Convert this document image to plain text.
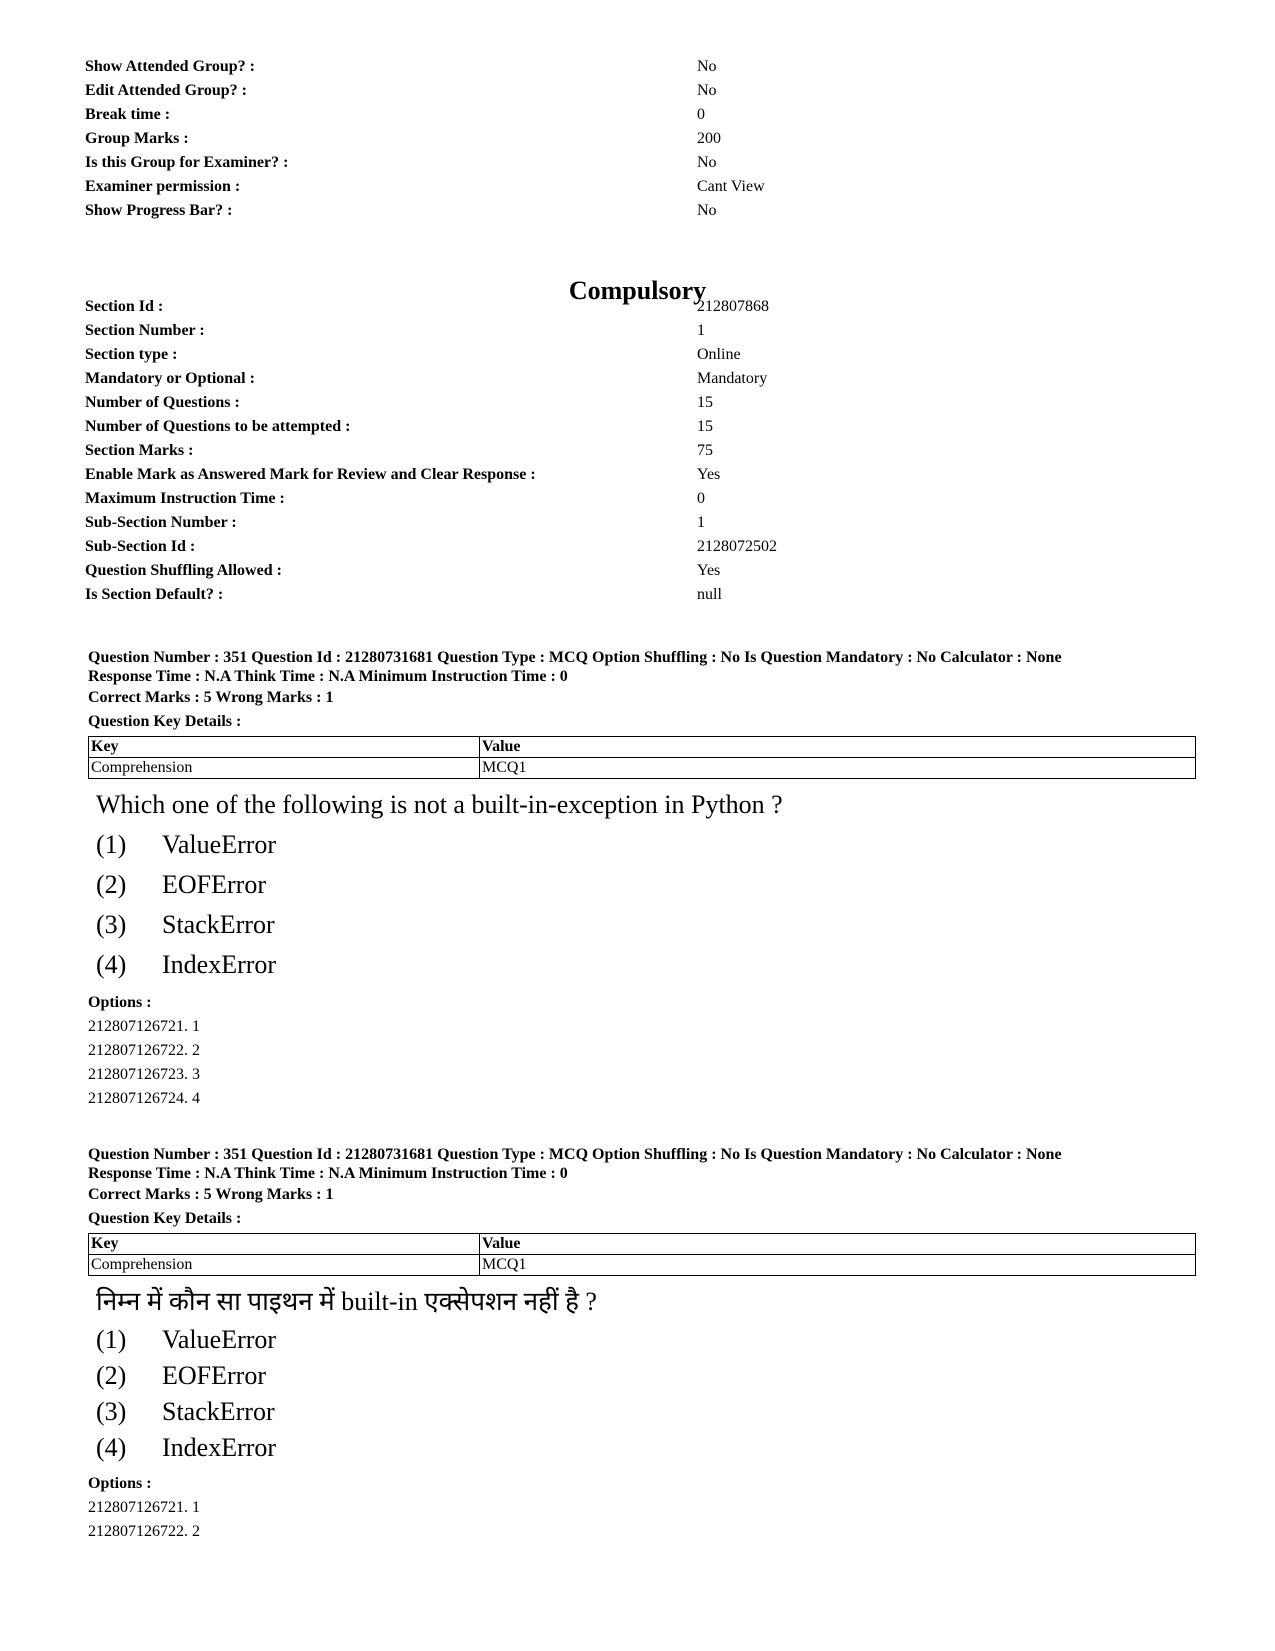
Show Attended Group? :	No
Edit Attended Group? :	No
Break time :	0
Group Marks :	200
Is this Group for Examiner? :	No
Examiner permission :	Cant View
Show Progress Bar? :	No
Compulsory
Section Id :	212807868
Section Number :	1
Section type :	Online
Mandatory or Optional :	Mandatory
Number of Questions :	15
Number of Questions to be attempted :	15
Section Marks :	75
Enable Mark as Answered Mark for Review and Clear Response :	Yes
Maximum Instruction Time :	0
Sub-Section Number :	1
Sub-Section Id :	2128072502
Question Shuffling Allowed :	Yes
Is Section Default? :	null
Question Number : 351 Question Id : 21280731681 Question Type : MCQ Option Shuffling : No Is Question Mandatory : No Calculator : None
Response Time : N.A Think Time : N.A Minimum Instruction Time : 0
Correct Marks : 5 Wrong Marks : 1
Question Key Details :
Key	Value
Comprehension	MCQ1
Which one of the following is not a built-in-exception in Python ?
(1) ValueError
(2) EOFError
(3) StackError
(4) IndexError
Options :
212807126721. 1
212807126722. 2
212807126723. 3
212807126724. 4
Question Number : 351 Question Id : 21280731681 Question Type : MCQ Option Shuffling : No Is Question Mandatory : No Calculator : None
Response Time : N.A Think Time : N.A Minimum Instruction Time : 0
Correct Marks : 5 Wrong Marks : 1
Question Key Details :
Key	Value
Comprehension	MCQ1
निम्न में कौन सा पाइथन में built-in एक्सेपशन नहीं है ?
(1) ValueError
(2) EOFError
(3) StackError
(4) IndexError
Options :
212807126721. 1
212807126722. 2
